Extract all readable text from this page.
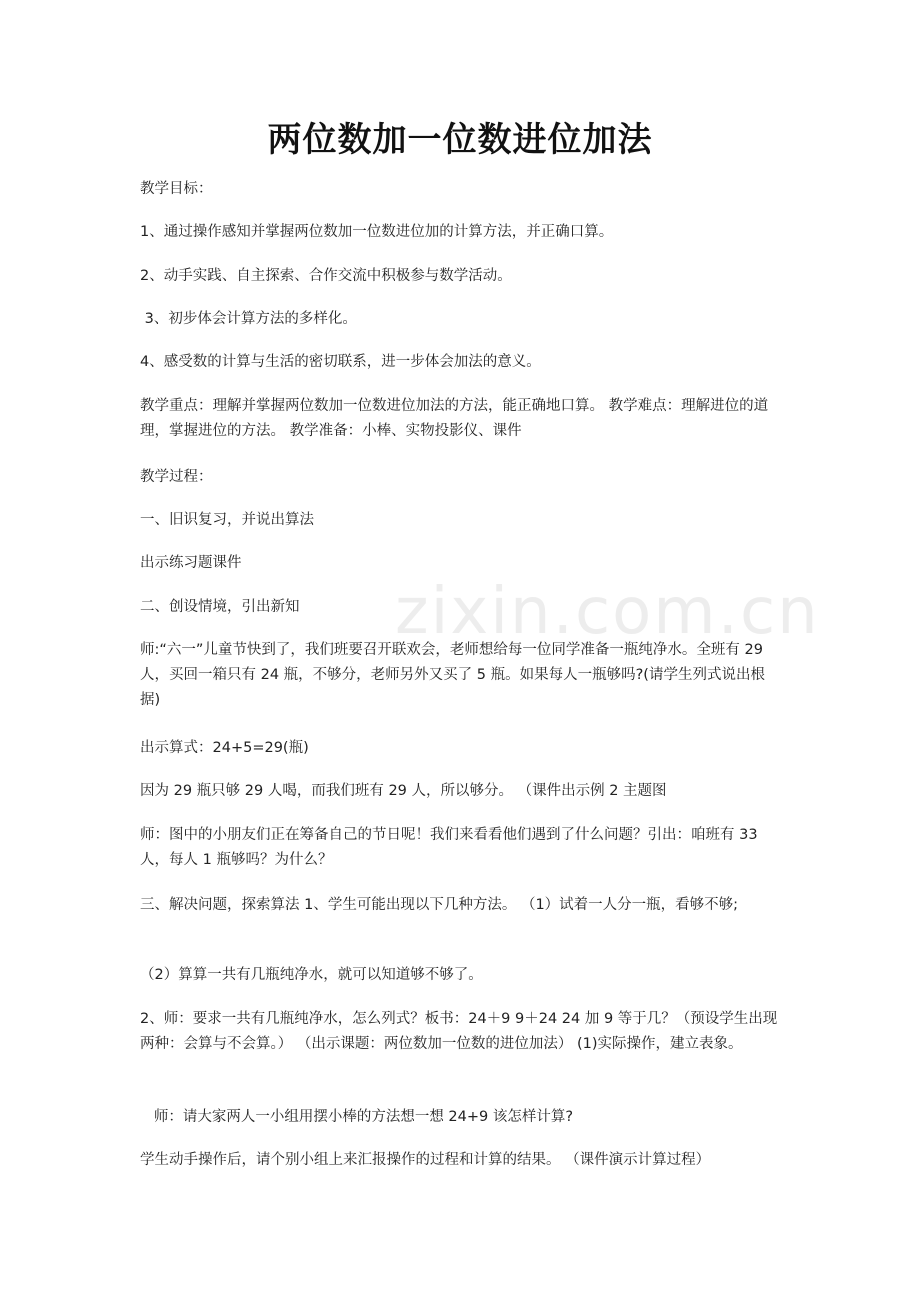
zixin.com.cn
两位数加一位数进位加法

教学目标：

1、通过操作感知并掌握两位数加一位数进位加的计算方法，并正确口算。

2、动手实践、自主探索、合作交流中积极参与数学活动。

3、初步体会计算方法的多样化。

4、感受数的计算与生活的密切联系，进一步体会加法的意义。

教学重点：理解并掌握两位数加一位数进位加法的方法，能正确地口算。 教学难点：理解进位的道理，掌握进位的方法。 教学准备：小棒、实物投影仪、课件

教学过程：

一、旧识复习，并说出算法

出示练习题课件

二、创设情境，引出新知

师:“六一”儿童节快到了，我们班要召开联欢会，老师想给每一位同学准备一瓶纯净水。全班有 29 人，买回一箱只有 24 瓶，不够分，老师另外又买了 5 瓶。如果每人一瓶够吗?(请学生列式说出根据)

出示算式：24+5=29(瓶)

因为 29 瓶只够 29 人喝，而我们班有 29 人，所以够分。 （课件出示例 2 主题图

师：图中的小朋友们正在筹备自己的节日呢！我们来看看他们遇到了什么问题？引出：咱班有 33 人，每人 1 瓶够吗？为什么？

三、解决问题，探索算法 1、学生可能出现以下几种方法。 （1）试着一人分一瓶，看够不够;

（2）算算一共有几瓶纯净水，就可以知道够不够了。

2、师：要求一共有几瓶纯净水，怎么列式？板书：24＋9 9＋24 24 加 9 等于几？（预设学生出现两种：会算与不会算。） （出示课题：两位数加一位数的进位加法） (1)实际操作，建立表象。

师：请大家两人一小组用摆小棒的方法想一想 24+9 该怎样计算?

学生动手操作后，请个别小组上来汇报操作的过程和计算的结果。 （课件演示计算过程）
